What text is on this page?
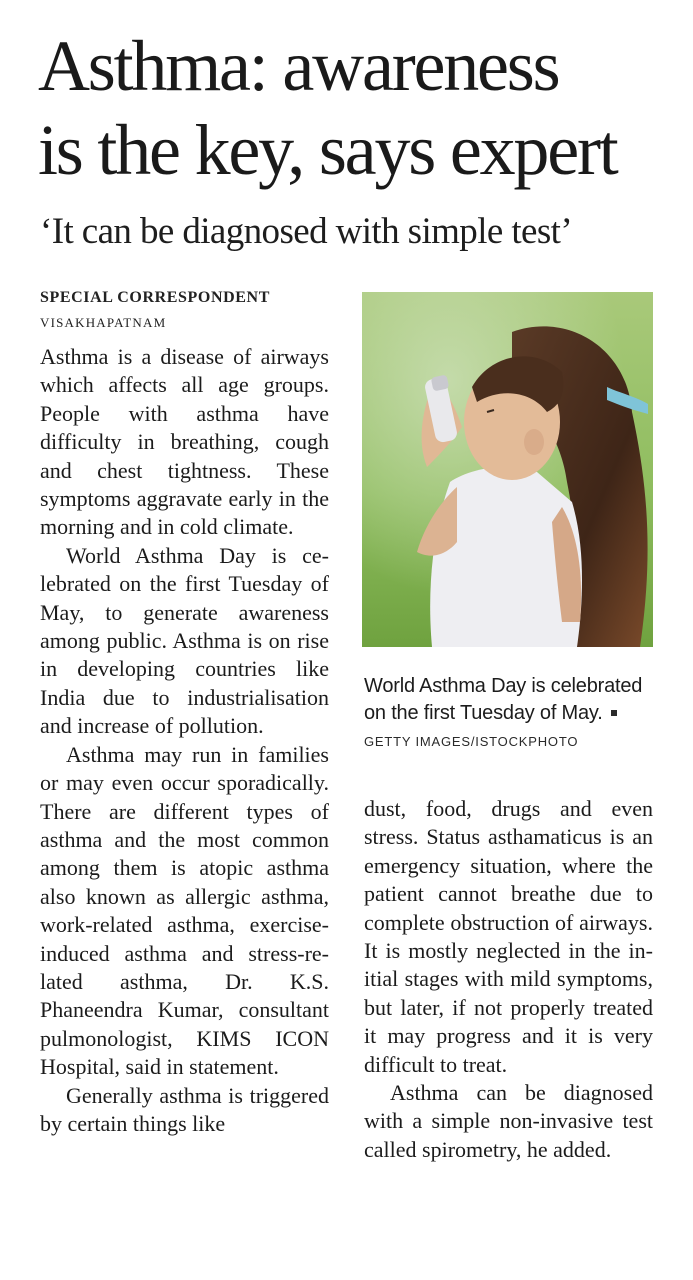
Asthma: awareness
is the key, says expert
‘It can be diagnosed with simple test’
SPECIAL CORRESPONDENT
VISAKHAPATNAM

Asthma is a disease of airways which affects all age groups. People with asthma have difficulty in breathing, cough and chest tightness. These symptoms aggravate early in the morning and in cold climate.

World Asthma Day is celebrated on the first Tuesday of May, to generate awareness among public. Asthma is on rise in developing countries like India due to industrialisation and increase of pollution.

Asthma may run in families or may even occur sporadically. There are different types of asthma and the most common among them is atopic asthma also known as allergic asthma, work-related asthma, exercise-induced asthma and stress-related asthma, Dr. K.S. Phaneendra Kumar, consultant pulmonologist, KIMS ICON Hospital, said in statement.

Generally asthma is triggered by certain things like

World Asthma Day is celebrated on the first Tuesday of May.GETTY IMAGES/ISTOCKPHOTO

dust, food, drugs and even stress. Status asthamaticus is an emergency situation, where the patient cannot breathe due to complete obstruction of airways. It is mostly neglected in the initial stages with mild symptoms, but later, if not properly treated it may progress and it is very difficult to treat.

Asthma can be diagnosed with a simple non-invasive test called spirometry, he added.
